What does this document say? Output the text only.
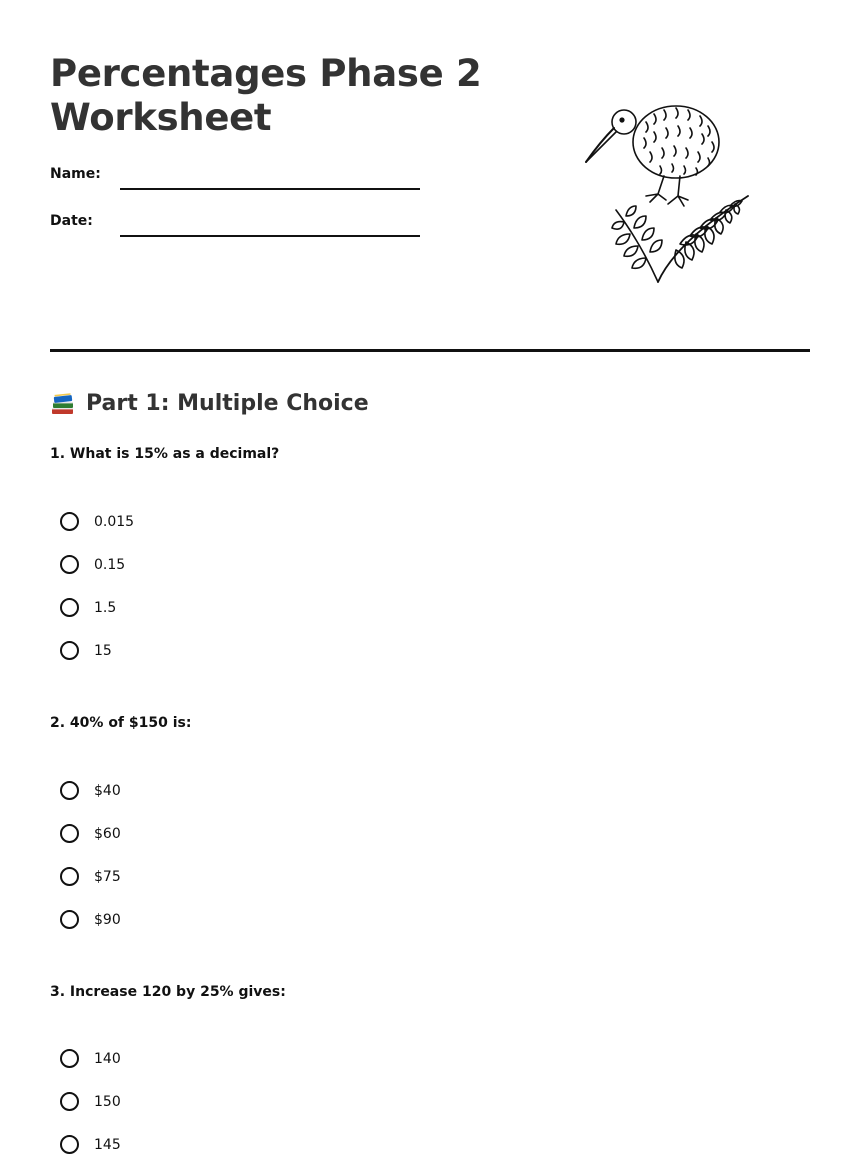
Percentages Phase 2
Worksheet
Name:
Date:
Part 1: Multiple Choice

1. What is 15% as a decimal?

0.015
0.15
1.5
15

2. 40% of $150 is:

$40
$60
$75
$90

3. Increase 120 by 25% gives:

140
150
145
